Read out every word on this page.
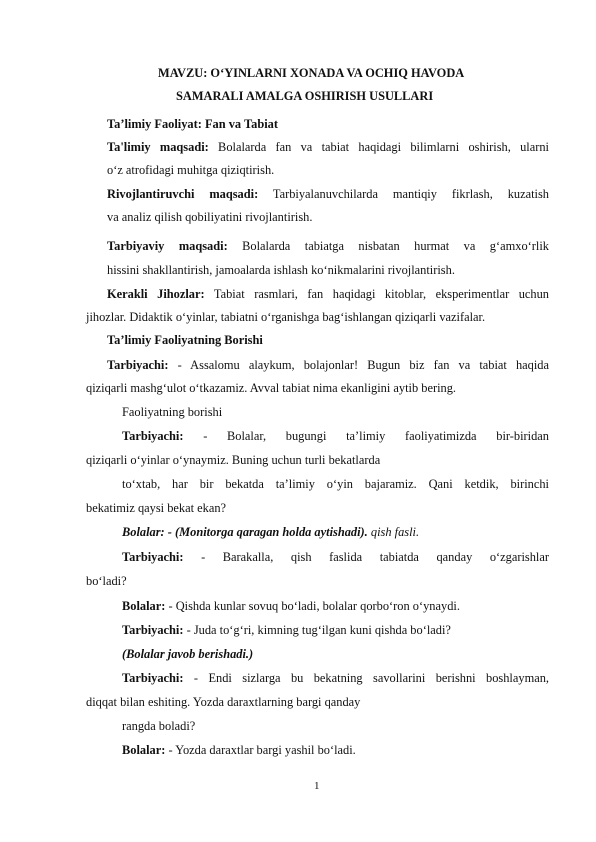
MAVZU: O‘YINLARNI XONADA VA OCHIQ HAVODA
SAMARALI AMALGA OSHIRISH USULLARI
Ta’limiy Faoliyat: Fan va Tabiat
Ta'limiy maqsadi: Bolalarda fan va tabiat haqidagi bilimlarni oshirish, ularni
o‘z atrofidagi muhitga qiziqtirish.
Rivojlantiruvchi maqsadi: Tarbiyalanuvchilarda mantiqiy fikrlash, kuzatish
va analiz qilish qobiliyatini rivojlantirish.
Tarbiyaviy maqsadi: Bolalarda tabiatga nisbatan hurmat va g‘amxo‘rlik
hissini shakllantirish, jamoalarda ishlash ko‘nikmalarini rivojlantirish.
Kerakli Jihozlar: Tabiat rasmlari, fan haqidagi kitoblar, eksperimentlar uchun
jihozlar. Didaktik o‘yinlar, tabiatni o‘rganishga bag‘ishlangan qiziqarli vazifalar.
Ta’limiy Faoliyatning Borishi
Tarbiyachi: - Assalomu alaykum, bolajonlar! Bugun biz fan va tabiat haqida
qiziqarli mashg‘ulot o‘tkazamiz. Avval tabiat nima ekanligini aytib bering.
Faoliyatning borishi
Tarbiyachi: - Bolalar, bugungi ta’limiy faoliyatimizda bir-biridan
qiziqarli o‘yinlar o‘ynaymiz. Buning uchun turli bekatlarda
to‘xtab, har bir bekatda ta’limiy o‘yin bajaramiz. Qani ketdik, birinchi
bekatimiz qaysi bekat ekan?
Bolalar: - (Monitorga qaragan holda aytishadi). qish fasli.
Tarbiyachi: - Barakalla, qish faslida tabiatda qanday o‘zgarishlar
bo‘ladi?
Bolalar: - Qishda kunlar sovuq bo‘ladi, bolalar qorbo‘ron o‘ynaydi.
Tarbiyachi: - Juda to‘g‘ri, kimning tug‘ilgan kuni qishda bo‘ladi?
(Bolalar javob berishadi.)
Tarbiyachi: - Endi sizlarga bu bekatning savollarini berishni boshlayman,
diqqat bilan eshiting. Yozda daraxtlarning bargi qanday
rangda boladi?
Bolalar: - Yozda daraxtlar bargi yashil bo‘ladi.
1
